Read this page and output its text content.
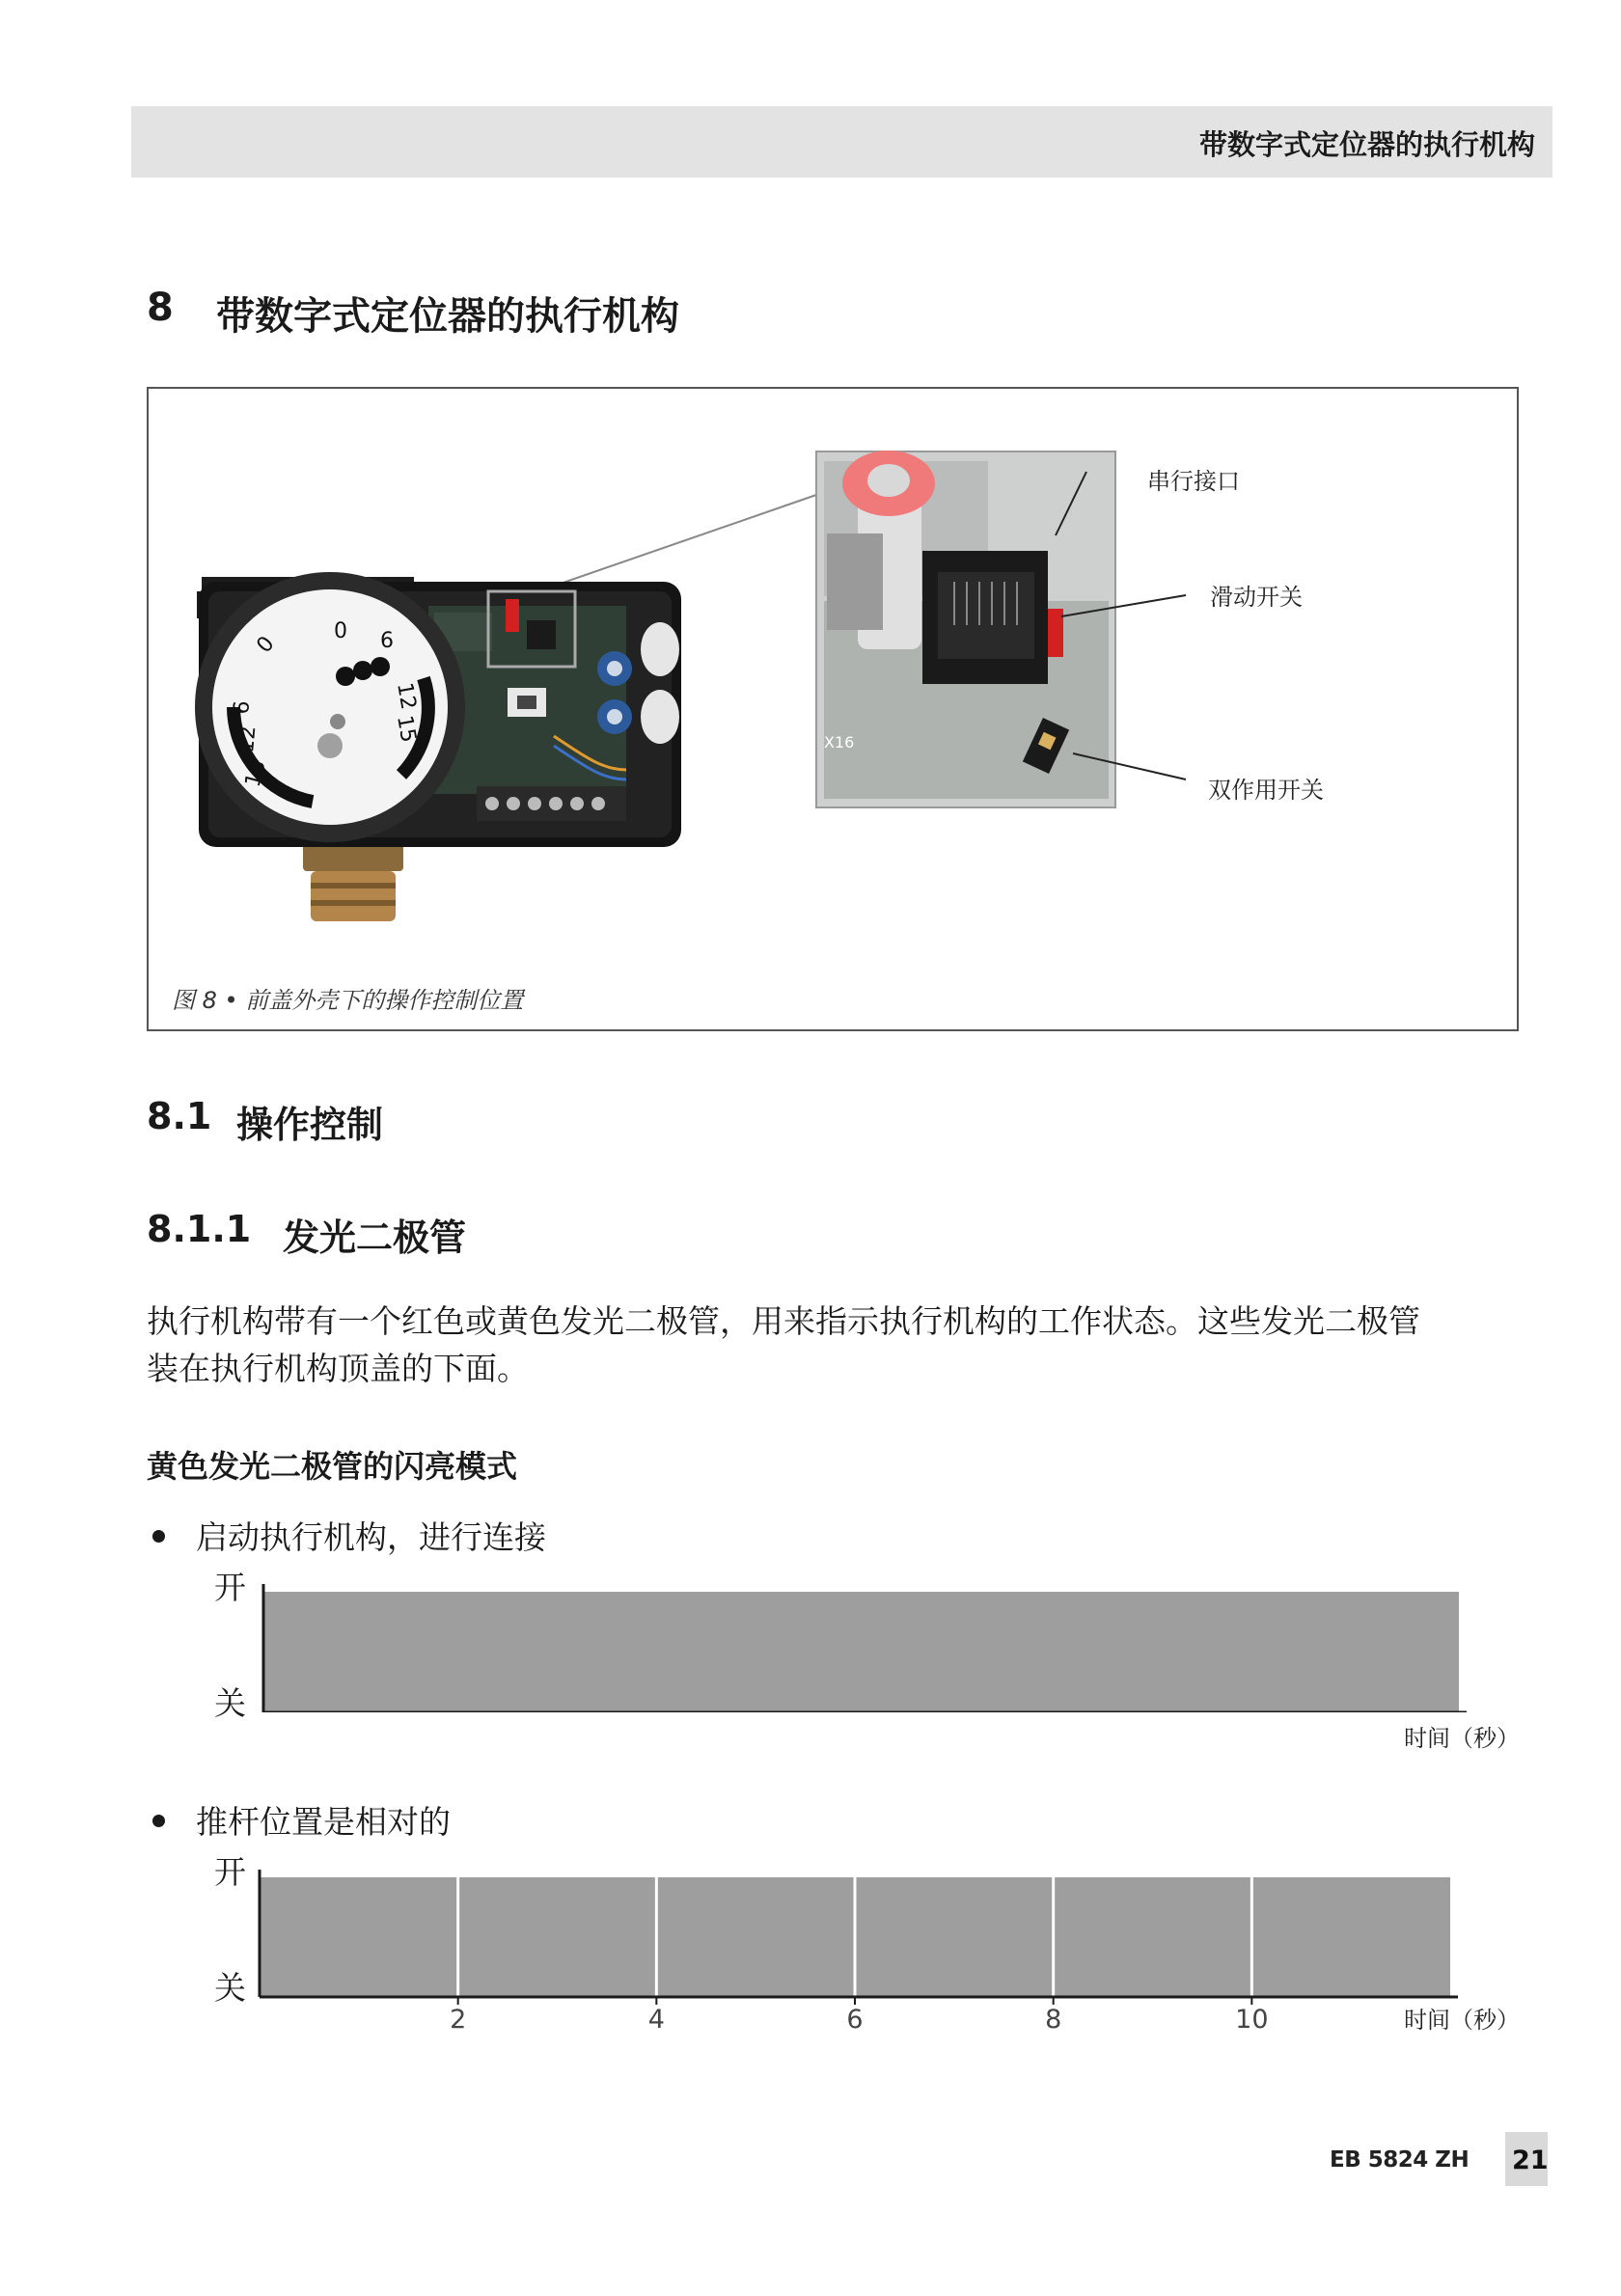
带数字式定位器的执行机构
8 带数字式定位器的执行机构
0
0 6
12
15
6
12
15
X16
串行接口
滑动开关
双作用开关
图 8 • 前盖外壳下的操作控制位置
8.1 操作控制
8.1.1 发光二极管
执行机构带有一个红色或黄色发光二极管，用来指示执行机构的工作状态。这些发光二极管
装在执行机构顶盖的下面。
黄色发光二极管的闪亮模式
启动执行机构，进行连接
开
关
时间（秒）
推杆位置是相对的
开
关
2	4	6	8	10	时间（秒）
EB 5824 ZH 21
